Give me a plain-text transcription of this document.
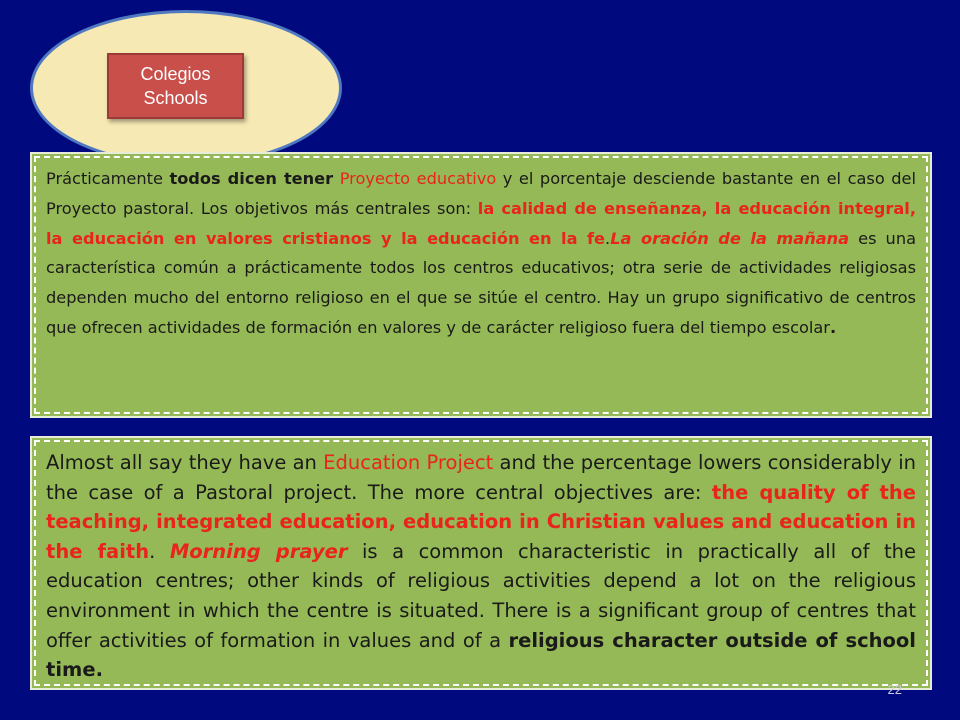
Colegios
Schools

Prácticamente todos dicen tener Proyecto educativo y el porcentaje desciende bastante en el caso del Proyecto pastoral. Los objetivos más centrales son: la calidad de enseñanza, la educación integral, la educación en valores cristianos y la educación en la fe.La oración de la mañana es una característica común a prácticamente todos los centros educativos; otra serie de actividades religiosas dependen mucho del entorno religioso en el que se sitúe el centro. Hay un grupo significativo de centros que ofrecen actividades de formación en valores y de carácter religioso fuera del tiempo escolar.

Almost all say they have an Education Project and the percentage lowers considerably in the case of a Pastoral project. The more central objectives are: the quality of the teaching, integrated education, education in Christian values and education in the faith. Morning prayer is a common characteristic in practically all of the education centres; other kinds of religious activities depend a lot on the religious environment in which the centre is situated. There is a significant group of centres that offer activities of formation in values and of a religious character outside of school time.

22
